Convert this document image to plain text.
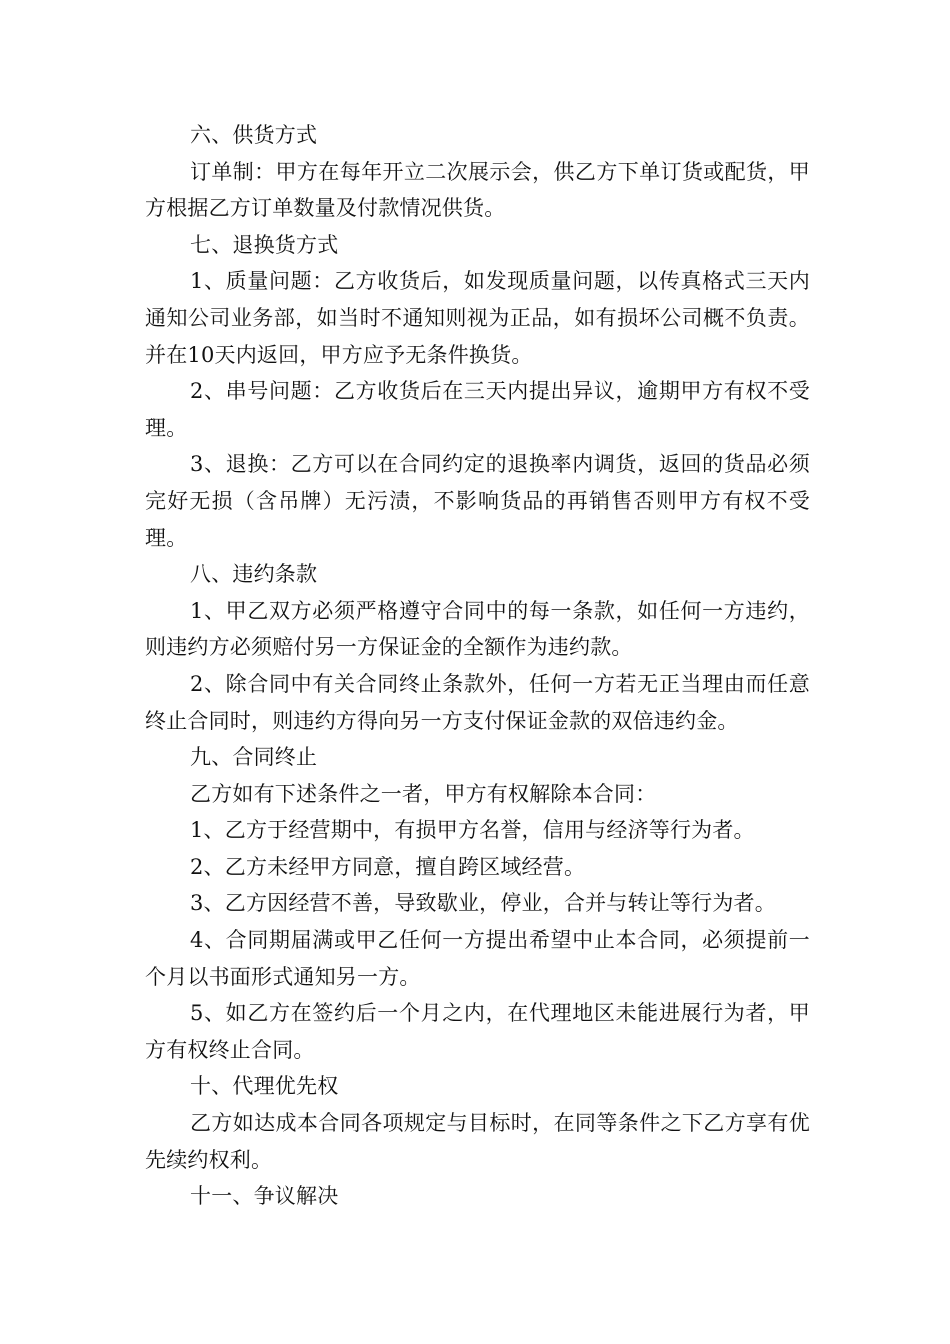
六、供货方式

订单制：甲方在每年开立二次展示会，供乙方下单订货或配货，甲方根据乙方订单数量及付款情况供货。

七、退换货方式

1、质量问题：乙方收货后，如发现质量问题，以传真格式三天内通知公司业务部，如当时不通知则视为正品，如有损坏公司概不负责。并在10天内返回，甲方应予无条件换货。

2、串号问题：乙方收货后在三天内提出异议，逾期甲方有权不受理。

3、退换：乙方可以在合同约定的退换率内调货，返回的货品必须完好无损（含吊牌）无污渍，不影响货品的再销售否则甲方有权不受理。

八、违约条款

1、甲乙双方必须严格遵守合同中的每一条款，如任何一方违约，则违约方必须赔付另一方保证金的全额作为违约款。

2、除合同中有关合同终止条款外，任何一方若无正当理由而任意终止合同时，则违约方得向另一方支付保证金款的双倍违约金。

九、合同终止

乙方如有下述条件之一者，甲方有权解除本合同：

1、乙方于经营期中，有损甲方名誉，信用与经济等行为者。

2、乙方未经甲方同意，擅自跨区域经营。

3、乙方因经营不善，导致歇业，停业，合并与转让等行为者。

4、合同期届满或甲乙任何一方提出希望中止本合同，必须提前一个月以书面形式通知另一方。

5、如乙方在签约后一个月之内，在代理地区未能进展行为者，甲方有权终止合同。

十、代理优先权

乙方如达成本合同各项规定与目标时，在同等条件之下乙方享有优先续约权利。

十一、争议解决
